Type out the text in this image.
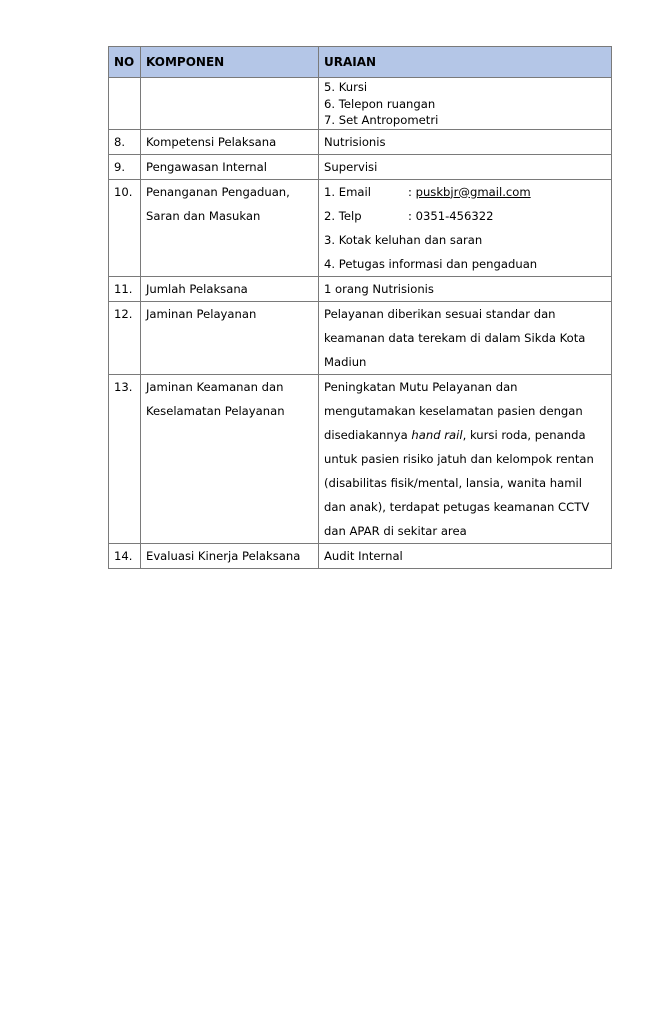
NO	KOMPONEN	URAIAN

		5. Kursi
6. Telepon ruangan
7. Set Antropometri

8.	Kompetensi Pelaksana	Nutrisionis
9.	Pengawasan Internal	Supervisi
10.	Penanganan Pengaduan, Saran dan Masukan	1. Email : puskbjr@gmail.com
2. Telp : 0351-456322
3. Kotak keluhan dan saran
4. Petugas informasi dan pengaduan

11.	Jumlah Pelaksana	1 orang Nutrisionis
12.	Jaminan Pelayanan	Pelayanan diberikan sesuai standar dan keamanan data terekam di dalam Sikda Kota Madiun
13.	Jaminan Keamanan dan Keselamatan Pelayanan	Peningkatan Mutu Pelayanan dan mengutamakan keselamatan pasien dengan disediakannya hand rail, kursi roda, penanda untuk pasien risiko jatuh dan kelompok rentan (disabilitas fisik/mental, lansia, wanita hamil dan anak), terdapat petugas keamanan CCTV dan APAR di sekitar area
14.	Evaluasi Kinerja Pelaksana	Audit Internal
